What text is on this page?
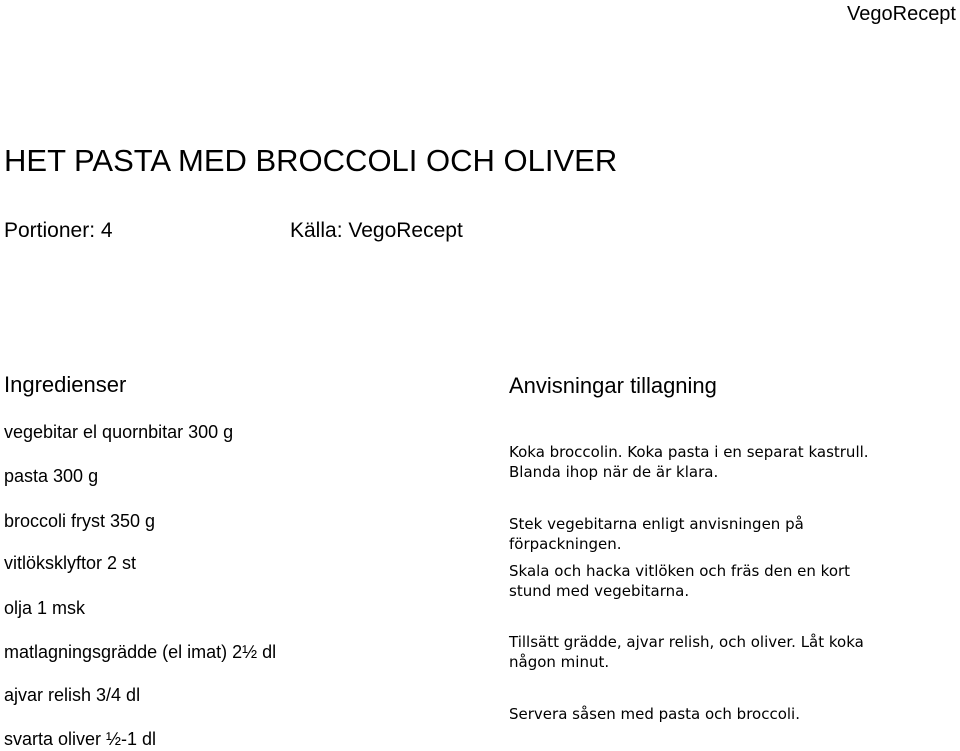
VegoRecept
HET PASTA MED BROCCOLI OCH OLIVER
Portioner: 4	Källa: VegoRecept
Ingredienser
vegebitar el quornbitar 300 g
pasta 300 g
broccoli fryst 350 g
vitlöksklyftor 2 st
olja 1 msk
matlagningsgrädde (el imat) 2½ dl
ajvar relish 3/4 dl
svarta oliver ½-1 dl
Anvisningar tillagning
Koka broccolin. Koka pasta i en separat kastrull.
Blanda ihop när de är klara.
Stek vegebitarna enligt anvisningen på
förpackningen.
Skala och hacka vitlöken och fräs den en kort
stund med vegebitarna.
Tillsätt grädde, ajvar relish, och oliver. Låt koka
någon minut.
Servera såsen med pasta och broccoli.
